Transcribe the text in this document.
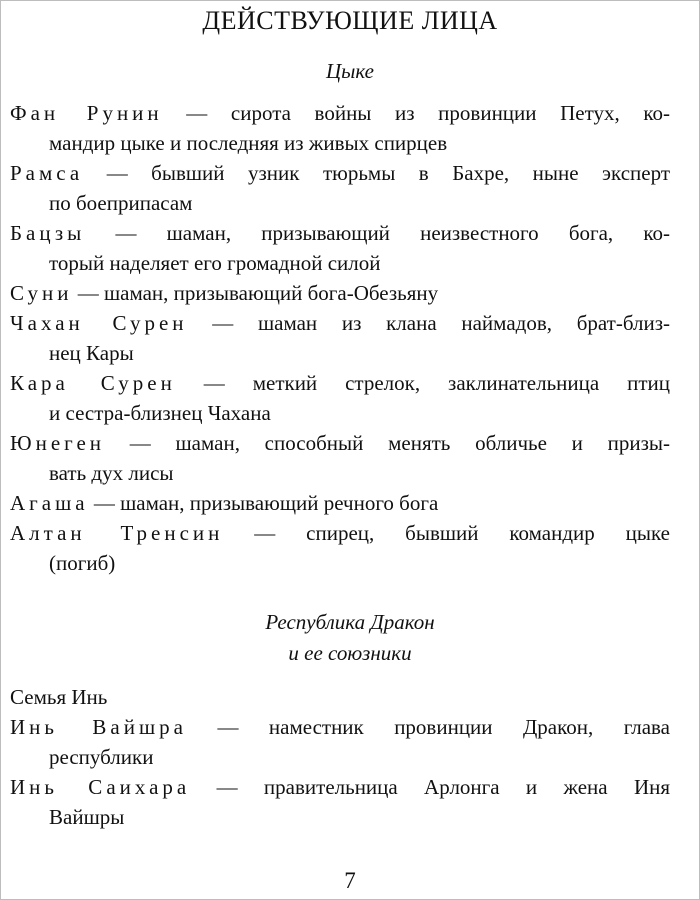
ДЕЙСТВУЮЩИЕ ЛИЦА
Цыке
Фан Рунин — сирота войны из провинции Петух, ко-
мандир цыке и последняя из живых спирцев
Рамса — бывший узник тюрьмы в Бахре, ныне эксперт
по боеприпасам
Бацзы — шаман, призывающий неизвестного бога, ко-
торый наделяет его громадной силой
Суни — шаман, призывающий бога-Обезьяну
Чахан Сурен — шаман из клана наймадов, брат-близ-
нец Кары
Кара Сурен — меткий стрелок, заклинательница птиц
и сестра-близнец Чахана
Юнеген — шаман, способный менять обличье и призы-
вать дух лисы
Агаша — шаман, призывающий речного бога
Алтан Тренсин — спирец, бывший командир цыке
(погиб)
Республика Дракон
и ее союзники
Семья Инь
Инь Вайшра — наместник провинции Дракон, глава
республики
Инь Саихара — правительница Арлонга и жена Иня
Вайшры
7
